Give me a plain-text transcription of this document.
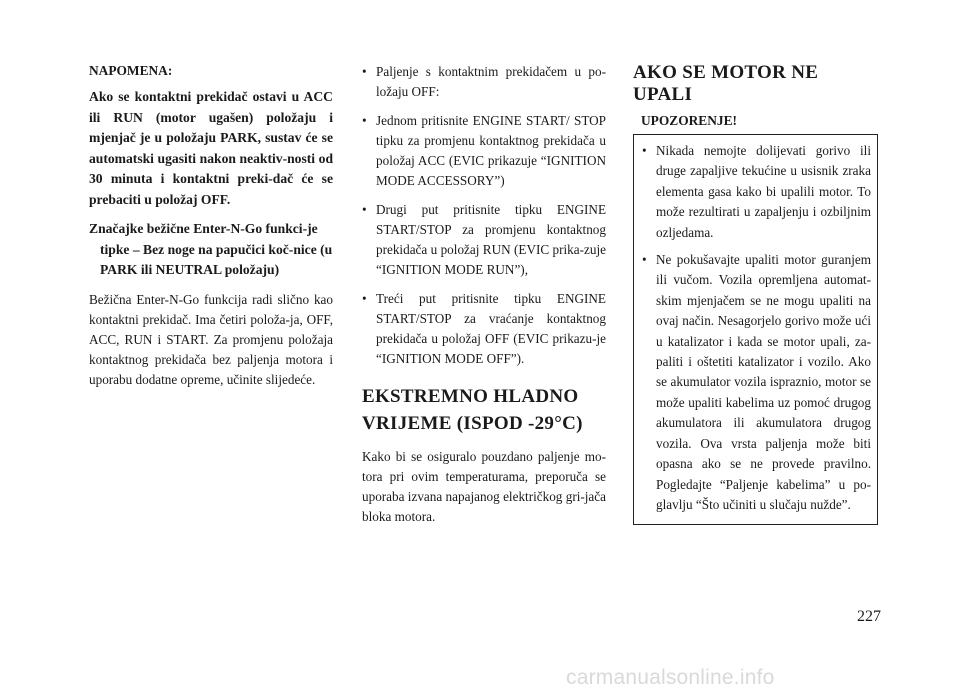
NAPOMENA:

Ako se kontaktni prekidač ostavi u ACC ili RUN (motor ugašen) položaju i mjenjač je u položaju PARK, sustav će se automatski ugasiti nakon neaktiv-nosti od 30 minuta i kontaktni preki-dač će se prebaciti u položaj OFF.

Značajke bežične Enter-N-Go funkci-je tipke – Bez noge na papučici koč-nice (u PARK ili NEUTRAL položaju)

Bežična Enter-N-Go funkcija radi slično kao kontaktni prekidač. Ima četiri položa-ja, OFF, ACC, RUN i START. Za promjenu položaja kontaktnog prekidača bez paljenja motora i uporabu dodatne opreme, učinite slijedeće.

• Paljenje s kontaktnim prekidačem u po-ložaju OFF:
• Jednom pritisnite ENGINE START/ STOP tipku za promjenu kontaktnog prekidača u položaj ACC (EVIC prikazuje “IGNITION MODE ACCESSORY”)
• Drugi put pritisnite tipku ENGINE START/STOP za promjenu kontaktnog prekidača u položaj RUN (EVIC prika-zuje “IGNITION MODE RUN”),
• Treći put pritisnite tipku ENGINE START/STOP za vraćanje kontaktnog prekidača u položaj OFF (EVIC prikazu-je “IGNITION MODE OFF”).
EKSTREMNO HLADNO
VRIJEME (ISPOD -29°C)

Kako bi se osiguralo pouzdano paljenje mo-tora pri ovim temperaturama, preporuča se uporaba izvana napajanog električkog gri-jača bloka motora.

AKO SE MOTOR NE UPALI
UPOZORENJE!
• Nikada nemojte dolijevati gorivo ili druge zapaljive tekućine u usisnik zraka elementa gasa kako bi upalili motor. To može rezultirati u zapaljenju i ozbiljnim ozljedama.
• Ne pokušavajte upaliti motor guranjem ili vučom. Vozila opremljena automat-skim mjenjačem se ne mogu upaliti na ovaj način. Nesagorjelo gorivo može ući u katalizator i kada se motor upali, za-paliti i oštetiti katalizator i vozilo. Ako se akumulator vozila ispraznio, motor se može upaliti kabelima uz pomoć drugog akumulatora ili akumulatora drugog vozila. Ova vrsta paljenja može biti opasna ako se ne provede pravilno. Pogledajte “Paljenje kabelima” u po-glavlju “Što učiniti u slučaju nužde”.
227
carmanualsonline.info
